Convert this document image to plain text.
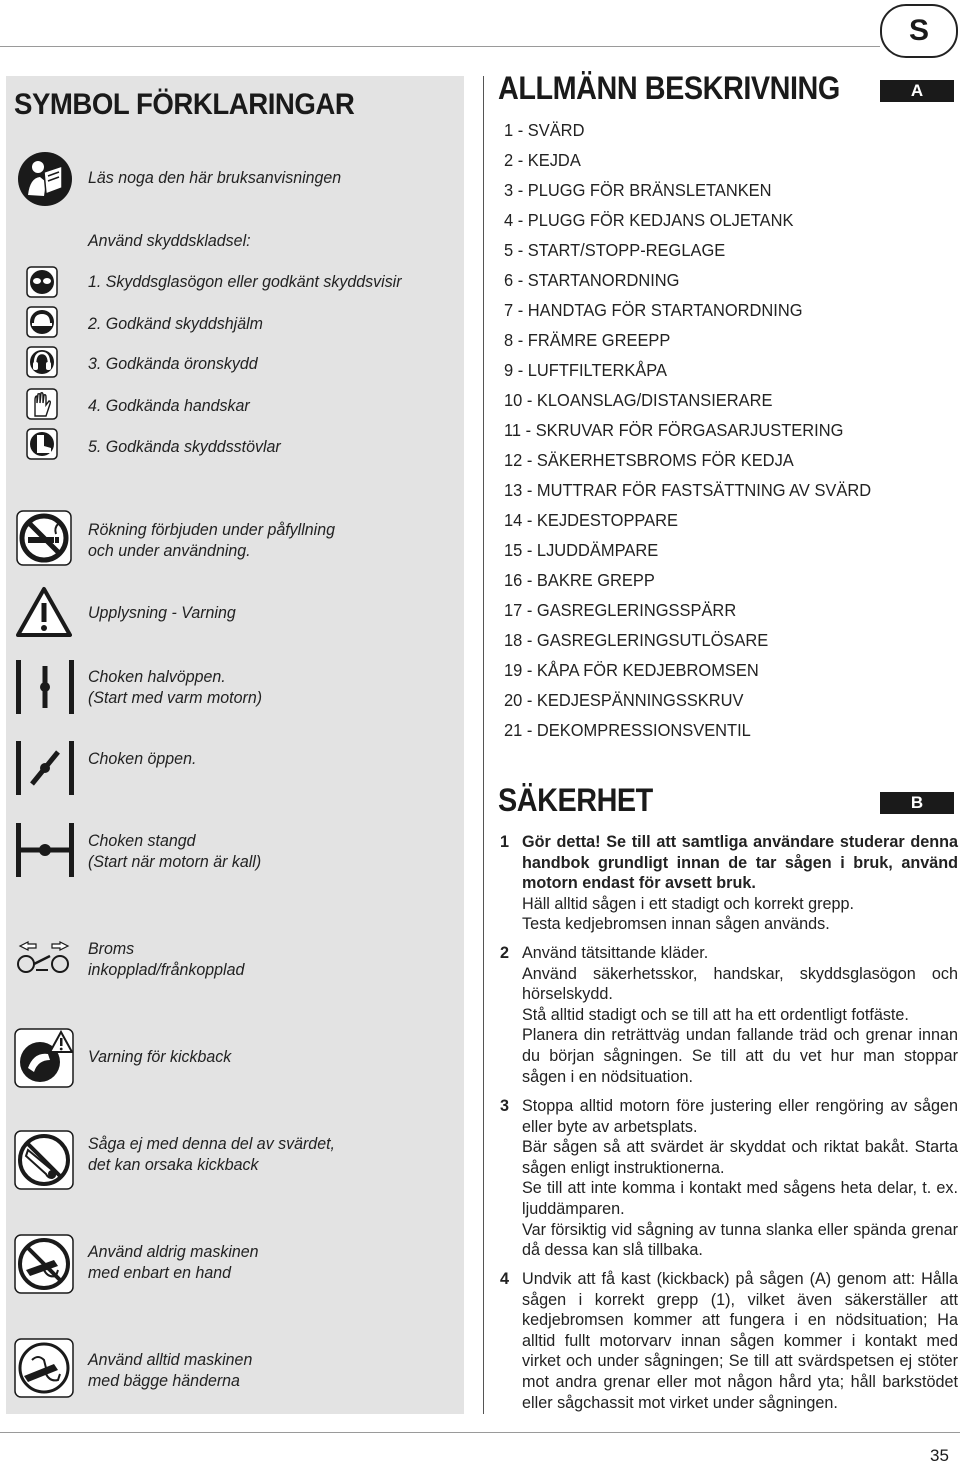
S
SYMBOL FÖRKLARINGAR
Läs noga den här bruksanvisningen
Använd skyddskladsel:
1. Skyddsglasögon eller godkänt skyddsvisir
2. Godkänd skyddshjälm
3. Godkända öronskydd
4. Godkända handskar
5. Godkända skyddsstövlar
Rökning förbjuden under påfyllning
och under användning.
Upplysning - Varning
Choken halvöppen.
(Start med varm motorn)
Choken öppen.
Choken stangd
(Start när motorn är kall)
Broms
inkopplad/frånkopplad
Varning för kickback
Såga ej med denna del av svärdet,
det kan orsaka kickback
Använd aldrig maskinen
med enbart en hand
Använd alltid maskinen
med bägge händerna
ALLMÄNN BESKRIVNING	A
1 - SVÄRD
2 - KEJDA
3 - PLUGG FÖR BRÄNSLETANKEN
4 - PLUGG FÖR KEDJANS OLJETANK
5 - START/STOPP-REGLAGE
6 - STARTANORDNING
7 - HANDTAG FÖR STARTANORDNING
8 - FRÄMRE GREEPP
9 - LUFTFILTERKÅPA
10 - KLOANSLAG/DISTANSIERARE
11 - SKRUVAR FÖR FÖRGASARJUSTERING
12 - SÄKERHETSBROMS FÖR KEDJA
13 - MUTTRAR FÖR FASTSÄTTNING AV SVÄRD
14 - KEJDESTOPPARE
15 - LJUDDÄMPARE
16 - BAKRE GREPP
17 - GASREGLERINGSSPÄRR
18 - GASREGLERINGSUTLÖSARE
19 - KÅPA FÖR KEDJEBROMSEN
20 - KEDJESPÄNNINGSSKRUV
21 - DEKOMPRESSIONSVENTIL
SÄKERHET	B
1 Gör detta! Se till att samtliga användare studerar denna handbok grundligt innan de tar sågen i bruk, använd motorn endast för avsett bruk.

Häll alltid sågen i ett stadigt och korrekt grepp.

Testa kedjebromsen innan sågen används.

2 Använd tätsittande kläder.

Använd säkerhetsskor, handskar, skyddsglasögon och hörselskydd.

Stå alltid stadigt och se till att ha ett ordentligt fotfäste.

Planera din reträttväg undan fallande träd och grenar innan du början sågningen. Se till att du vet hur man stoppar sågen i en nödsituation.

3 Stoppa alltid motorn före justering eller rengöring av sågen eller byte av arbetsplats.

Bär sågen så att svärdet är skyddat och riktat bakåt. Starta sågen enligt instruktionerna.

Se till att inte komma i kontakt med sågens heta delar, t. ex. ljuddämparen.

Var försiktig vid sågning av tunna slanka eller spända grenar då dessa kan slå tillbaka.

4 Undvik att få kast (kickback) på sågen (A) genom att: Hålla sågen i korrekt grepp (1), vilket även säkerställer att kedjebromsen kommer att fungera i en nödsituation; Ha alltid fullt motorvarv innan sågen kommer i kontakt med virket och under sågningen; Se till att svärdspetsen ej stöter mot andra grenar eller mot någon hård yta; håll barkstödet eller sågchassit mot virket under sågningen.

35
